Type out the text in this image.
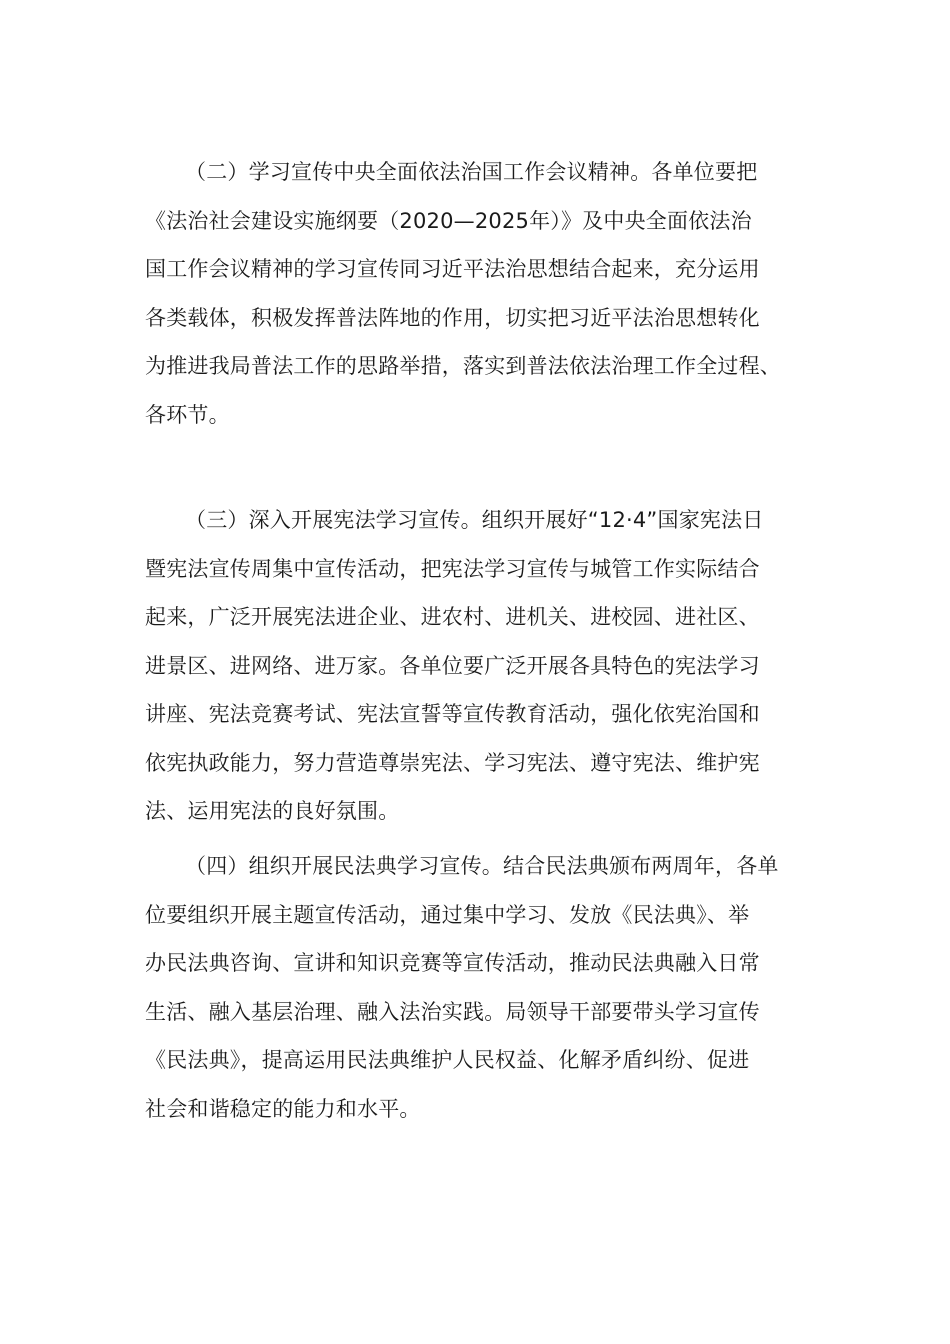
（二）学习宣传中央全面依法治国工作会议精神。各单位要把
《法治社会建设实施纲要（2020—2025年）》及中央全面依法治
国工作会议精神的学习宣传同习近平法治思想结合起来，充分运用
各类载体，积极发挥普法阵地的作用，切实把习近平法治思想转化
为推进我局普法工作的思路举措，落实到普法依法治理工作全过程、
各环节。

（三）深入开展宪法学习宣传。组织开展好“12·4”国家宪法日
暨宪法宣传周集中宣传活动，把宪法学习宣传与城管工作实际结合
起来，广泛开展宪法进企业、进农村、进机关、进校园、进社区、
进景区、进网络、进万家。各单位要广泛开展各具特色的宪法学习
讲座、宪法竞赛考试、宪法宣誓等宣传教育活动，强化依宪治国和
依宪执政能力，努力营造尊崇宪法、学习宪法、遵守宪法、维护宪
法、运用宪法的良好氛围。

（四）组织开展民法典学习宣传。结合民法典颁布两周年，各单
位要组织开展主题宣传活动，通过集中学习、发放《民法典》、举
办民法典咨询、宣讲和知识竞赛等宣传活动，推动民法典融入日常
生活、融入基层治理、融入法治实践。局领导干部要带头学习宣传
《民法典》，提高运用民法典维护人民权益、化解矛盾纠纷、促进
社会和谐稳定的能力和水平。
